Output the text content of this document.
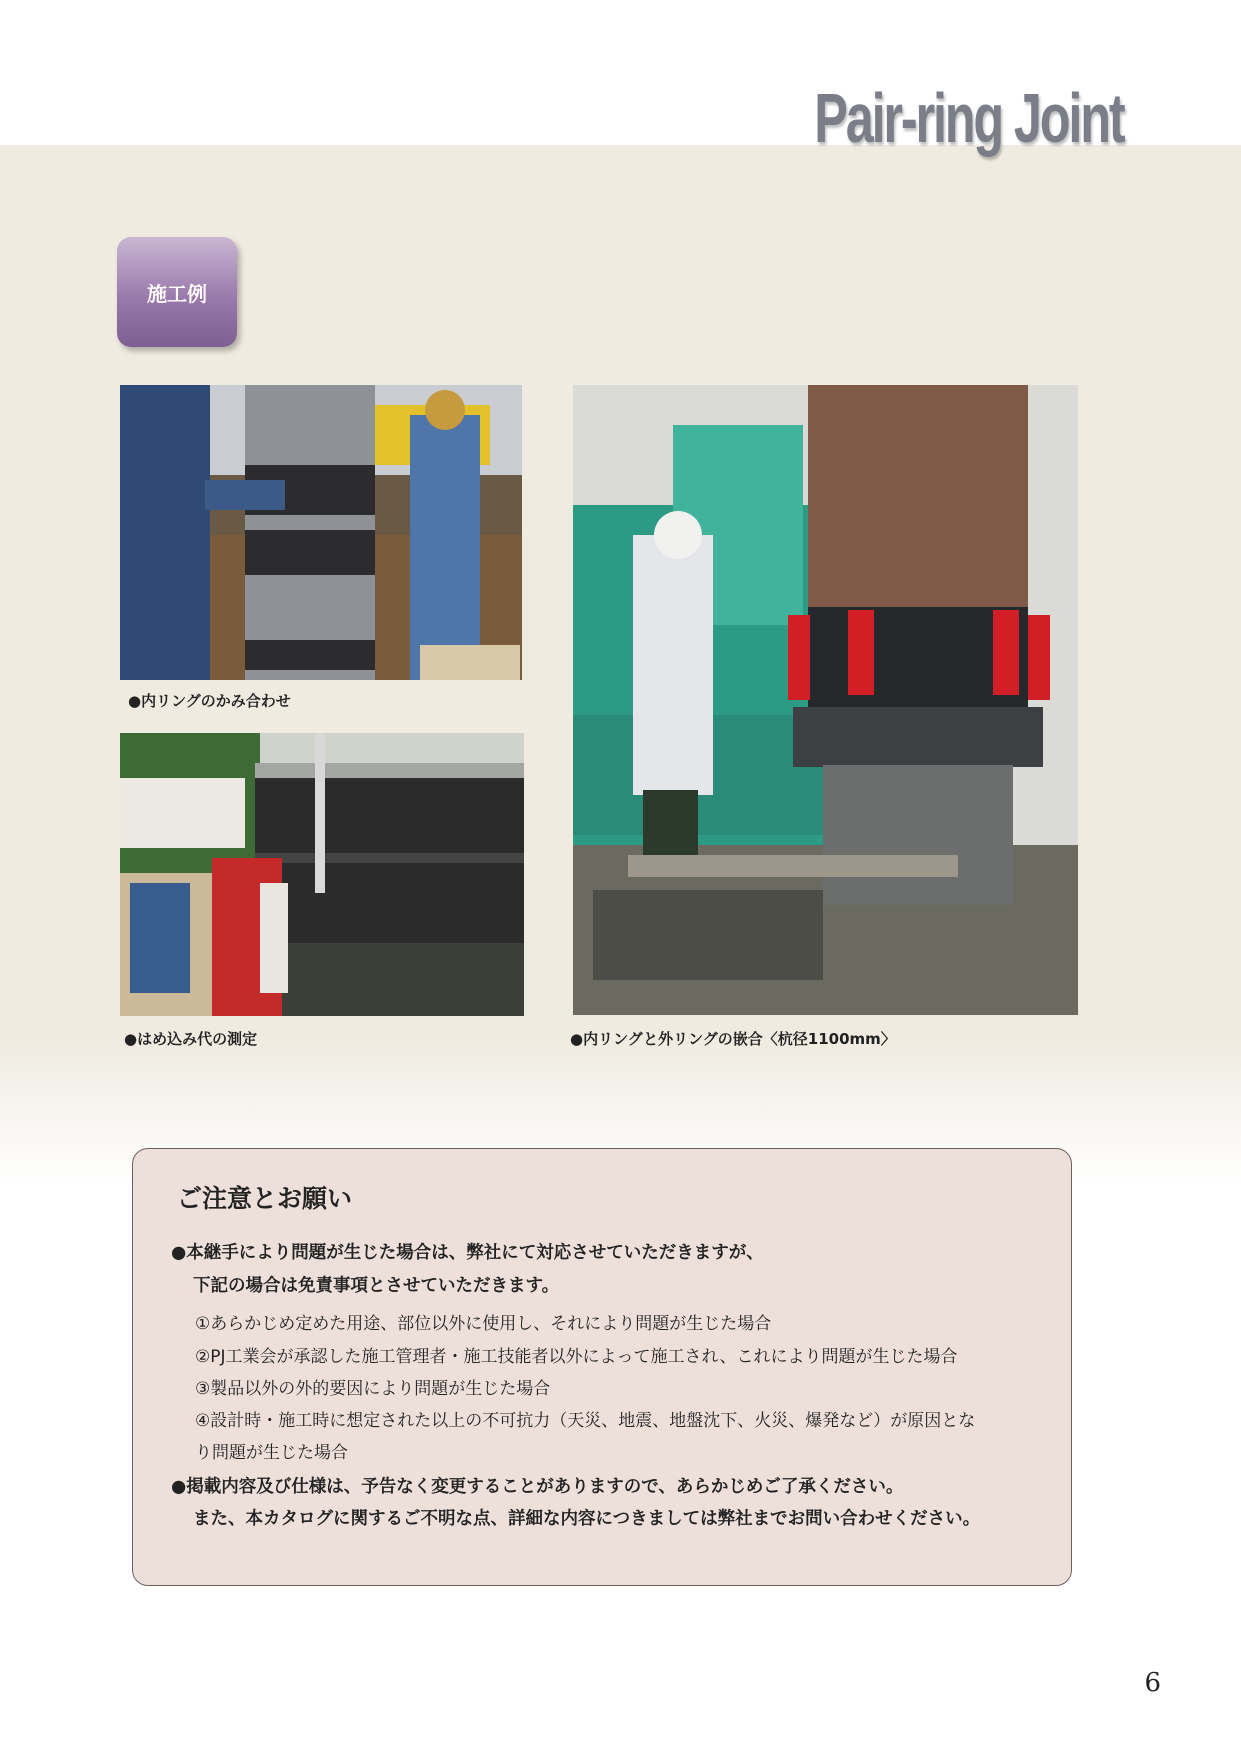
Pair-ring Joint
施工例
●内リングのかみ合わせ
●はめ込み代の測定	●内リングと外リングの嵌合〈杭径1100mm〉
ご注意とお願い
●本継手により問題が生じた場合は、弊社にて対応させていただきますが、
下記の場合は免責事項とさせていただきます。
①あらかじめ定めた用途、部位以外に使用し、それにより問題が生じた場合
②PJ工業会が承認した施工管理者・施工技能者以外によって施工され、これにより問題が生じた場合
③製品以外の外的要因により問題が生じた場合
④設計時・施工時に想定された以上の不可抗力（天災、地震、地盤沈下、火災、爆発など）が原因とな
り問題が生じた場合
●掲載内容及び仕様は、予告なく変更することがありますので、あらかじめご了承ください。
また、本カタログに関するご不明な点、詳細な内容につきましては弊社までお問い合わせください。
6
